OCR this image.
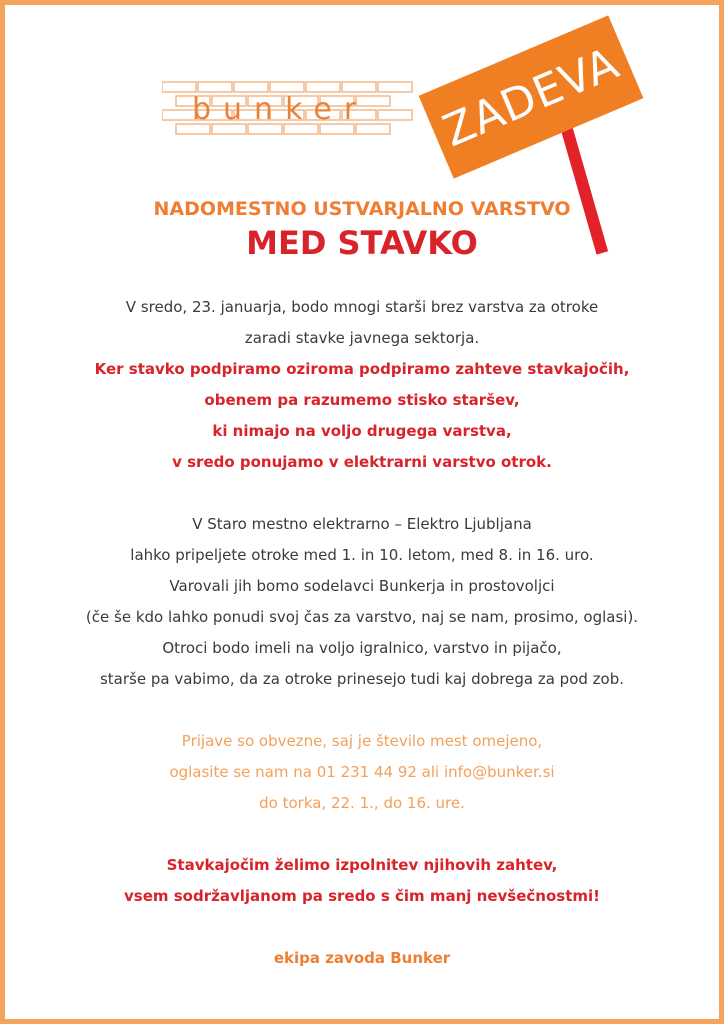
bunker ZADEVA
NADOMESTNO USTVARJALNO VARSTVO
MED STAVKO
V sredo, 23. januarja, bodo mnogi starši brez varstva za otroke
zaradi stavke javnega sektorja.
Ker stavko podpiramo oziroma podpiramo zahteve stavkajočih,
obenem pa razumemo stisko staršev,
ki nimajo na voljo drugega varstva,
v sredo ponujamo v elektrarni varstvo otrok.
V Staro mestno elektrarno – Elektro Ljubljana
lahko pripeljete otroke med 1. in 10. letom, med 8. in 16. uro.
Varovali jih bomo sodelavci Bunkerja in prostovoljci
(če še kdo lahko ponudi svoj čas za varstvo, naj se nam, prosimo, oglasi).
Otroci bodo imeli na voljo igralnico, varstvo in pijačo,
starše pa vabimo, da za otroke prinesejo tudi kaj dobrega za pod zob.
Prijave so obvezne, saj je število mest omejeno,
oglasite se nam na 01 231 44 92 ali info@bunker.si
do torka, 22. 1., do 16. ure.
Stavkajočim želimo izpolnitev njihovih zahtev,
vsem sodržavljanom pa sredo s čim manj nevšečnostmi!
ekipa zavoda Bunker
